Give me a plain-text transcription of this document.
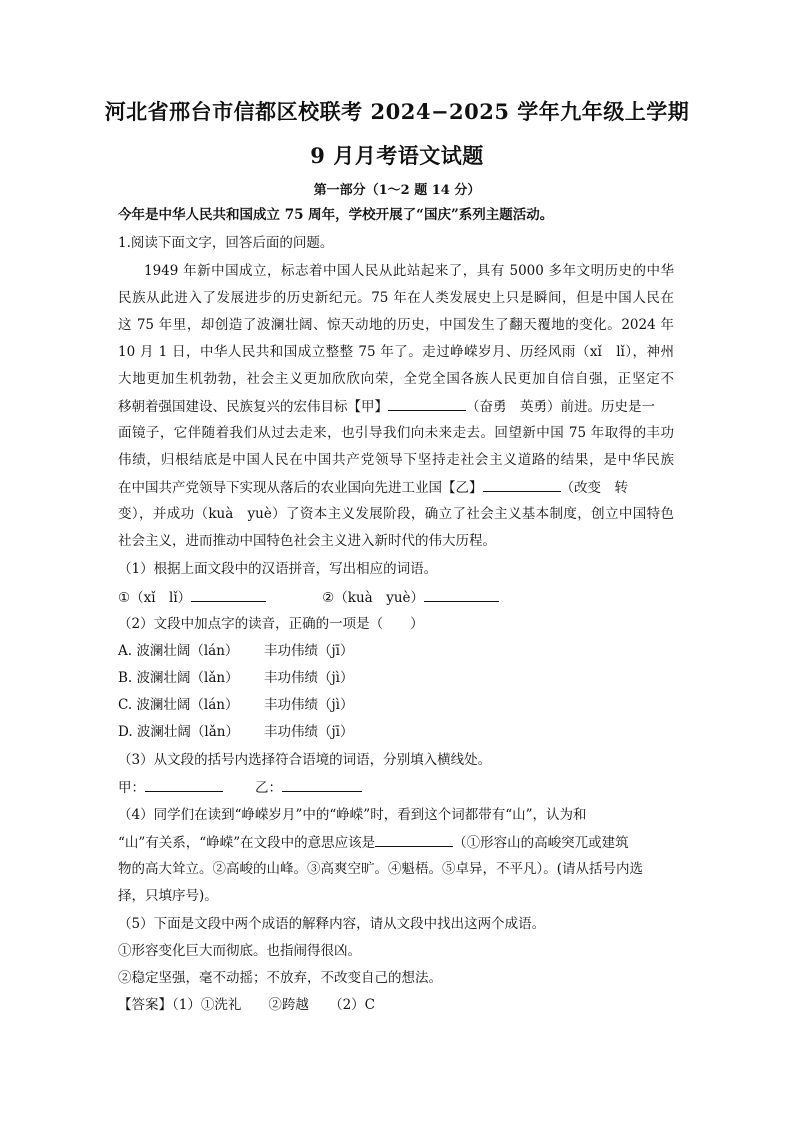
河北省邢台市信都区校联考 2024−2025 学年九年级上学期
9 月月考语文试题
第一部分（1～2 题 14 分）
今年是中华人民共和国成立 75 周年，学校开展了“国庆”系列主题活动。
1.阅读下面文字，回答后面的问题。
1949 年新中国成立，标志着中国人民从此站起来了，具有 5000 多年文明历史的中华
民族从此进入了发展进步的历史新纪元。75 年在人类发展史上只是瞬间，但是中国人民在
这 75 年里，却创造了波澜壮阔、惊天动地的历史，中国发生了翻天覆地的变化。2024 年
10 月 1 日，中华人民共和国成立整整 75 年了。走过峥嵘岁月、历经风雨（xǐ　lǐ），神州
大地更加生机勃勃，社会主义更加欣欣向荣，全党全国各族人民更加自信自强，正坚定不
移朝着强国建设、民族复兴的宏伟目标【甲】	（奋勇　英勇）前进。历史是一
面镜子，它伴随着我们从过去走来，也引导我们向未来走去。回望新中国 75 年取得的丰功
伟绩，归根结底是中国人民在中国共产党领导下坚持走社会主义道路的结果，是中华民族
在中国共产党领导下实现从落后的农业国向先进工业国【乙】	（改变　转
变），并成功（kuà　yuè）了资本主义发展阶段，确立了社会主义基本制度，创立中国特色
社会主义，进而推动中国特色社会主义进入新时代的伟大历程。
（1）根据上面文段中的汉语拼音，写出相应的词语。
①（xǐ　lǐ）	②（kuà　yuè）
（2）文段中加点字的读音，正确的一项是（　　）
A. 波澜壮阔（lán） 丰功伟绩（jī）
B. 波澜壮阔（lǎn） 丰功伟绩（jì）
C. 波澜壮阔（lán） 丰功伟绩（jì）
D. 波澜壮阔（lǎn） 丰功伟绩（jī）
（3）从文段的括号内选择符合语境的词语，分别填入横线处。
甲：	乙：
（4）同学们在读到“峥嵘岁月”中的“峥嵘”时，看到这个词都带有“山”，认为和
“山”有关系，“峥嵘”在文段中的意思应该是	（①形容山的高峻突兀或建筑
物的高大耸立。②高峻的山峰。③高爽空旷。④魁梧。⑤卓异，不平凡）。(请从括号内选
择，只填序号)。
（5）下面是文段中两个成语的解释内容，请从文段中找出这两个成语。
①形容变化巨大而彻底。也指闹得很凶。
②稳定坚强，毫不动摇；不放弃，不改变自己的想法。
【答案】（1）①洗礼　　②跨越　　（2）C
